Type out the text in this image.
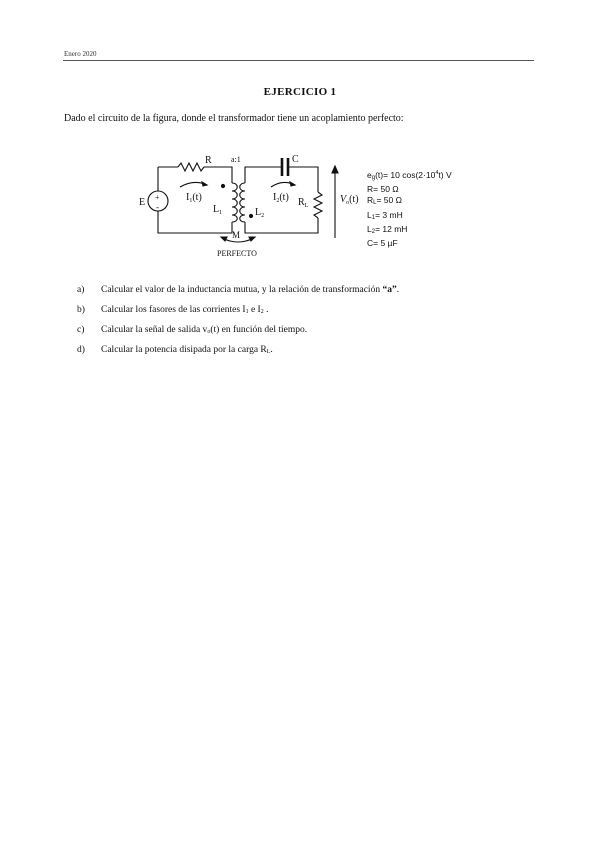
Enero 2020
EJERCICIO 1
Dado el circuito de la figura, donde el transformador tiene un acoplamiento perfecto:
R a:1	C
E +
-
$I_1(t)$
$L_1$	$L_2$
$I_2(t)$ $R_L$
$V_o(t)$
M
PERFECTO
$e_g(t)= 10$ $\cos(2\cdot 10^4t)$ V
R= 50 Ω
$R_L= 50$ Ω
$L_1= 3$ mH
$L_2= 12$ mH
C= 5 µF
a)	Calcular el valor de la inductancia mutua, y la relación de transformación “a”.
b)	Calcular los fasores de las corrientes $I_1$ e $I_2$ .
c)	Calcular la señal de salida $v_o(t)$ en función del tiempo.
d)	Calcular la potencia disipada por la carga $R_L$.
